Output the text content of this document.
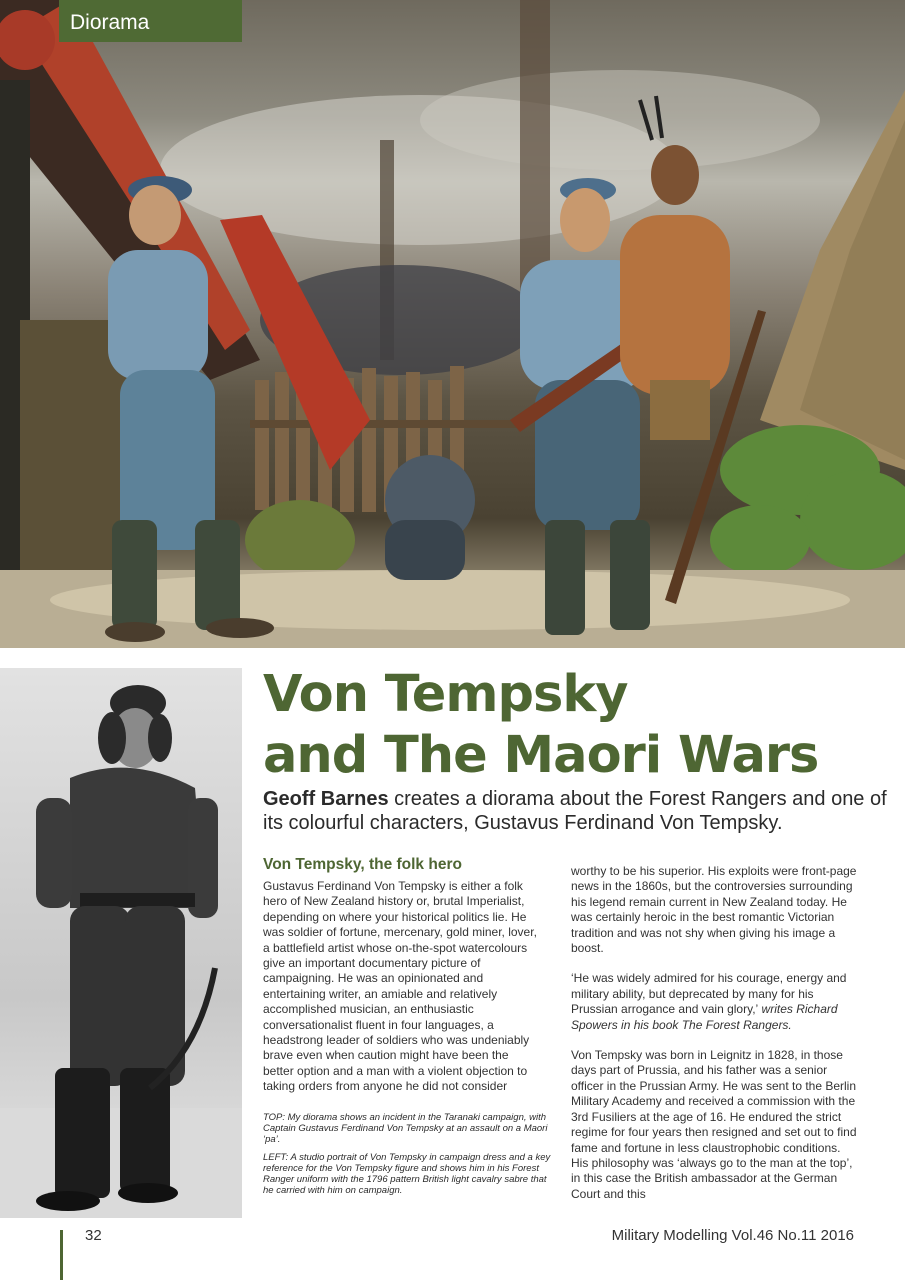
Diorama
Von Tempsky
and The Maori Wars

Geoff Barnes creates a diorama about the Forest Rangers and one of its colourful characters, Gustavus Ferdinand Von Tempsky.

Von Tempsky, the folk hero

Gustavus Ferdinand Von Tempsky is either a folk hero of New Zealand history or, brutal Imperialist, depending on where your historical politics lie. He was soldier of fortune, mercenary, gold miner, lover, a battlefield artist whose on-the-spot watercolours give an important documentary picture of campaigning. He was an opinionated and entertaining writer, an amiable and relatively accomplished musician, an enthusiastic conversationalist fluent in four languages, a headstrong leader of soldiers who was undeniably brave even when caution might have been the better option and a man with a violent objection to taking orders from anyone he did not consider

worthy to be his superior. His exploits were front-page news in the 1860s, but the controversies surrounding his legend remain current in New Zealand today. He was certainly heroic in the best romantic Victorian tradition and was not shy when giving his image a boost.

‘He was widely admired for his courage, energy and military ability, but deprecated by many for his Prussian arrogance and vain glory,’ writes Richard Spowers in his book The Forest Rangers.

Von Tempsky was born in Leignitz in 1828, in those days part of Prussia, and his father was a senior officer in the Prussian Army. He was sent to the Berlin Military Academy and received a commission with the 3rd Fusiliers at the age of 16. He endured the strict regime for four years then resigned and set out to find fame and fortune in less claustrophobic conditions. His philosophy was ‘always go to the man at the top’, in this case the British ambassador at the German Court and this

TOP: My diorama shows an incident in the Taranaki campaign, with Captain Gustavus Ferdinand Von Tempsky at an assault on a Maori ‘pa’.

LEFT: A studio portrait of Von Tempsky in campaign dress and a key reference for the Von Tempsky figure and shows him in his Forest Ranger uniform with the 1796 pattern British light cavalry sabre that he carried with him on campaign.

32	Military Modelling Vol.46 No.11 2016
